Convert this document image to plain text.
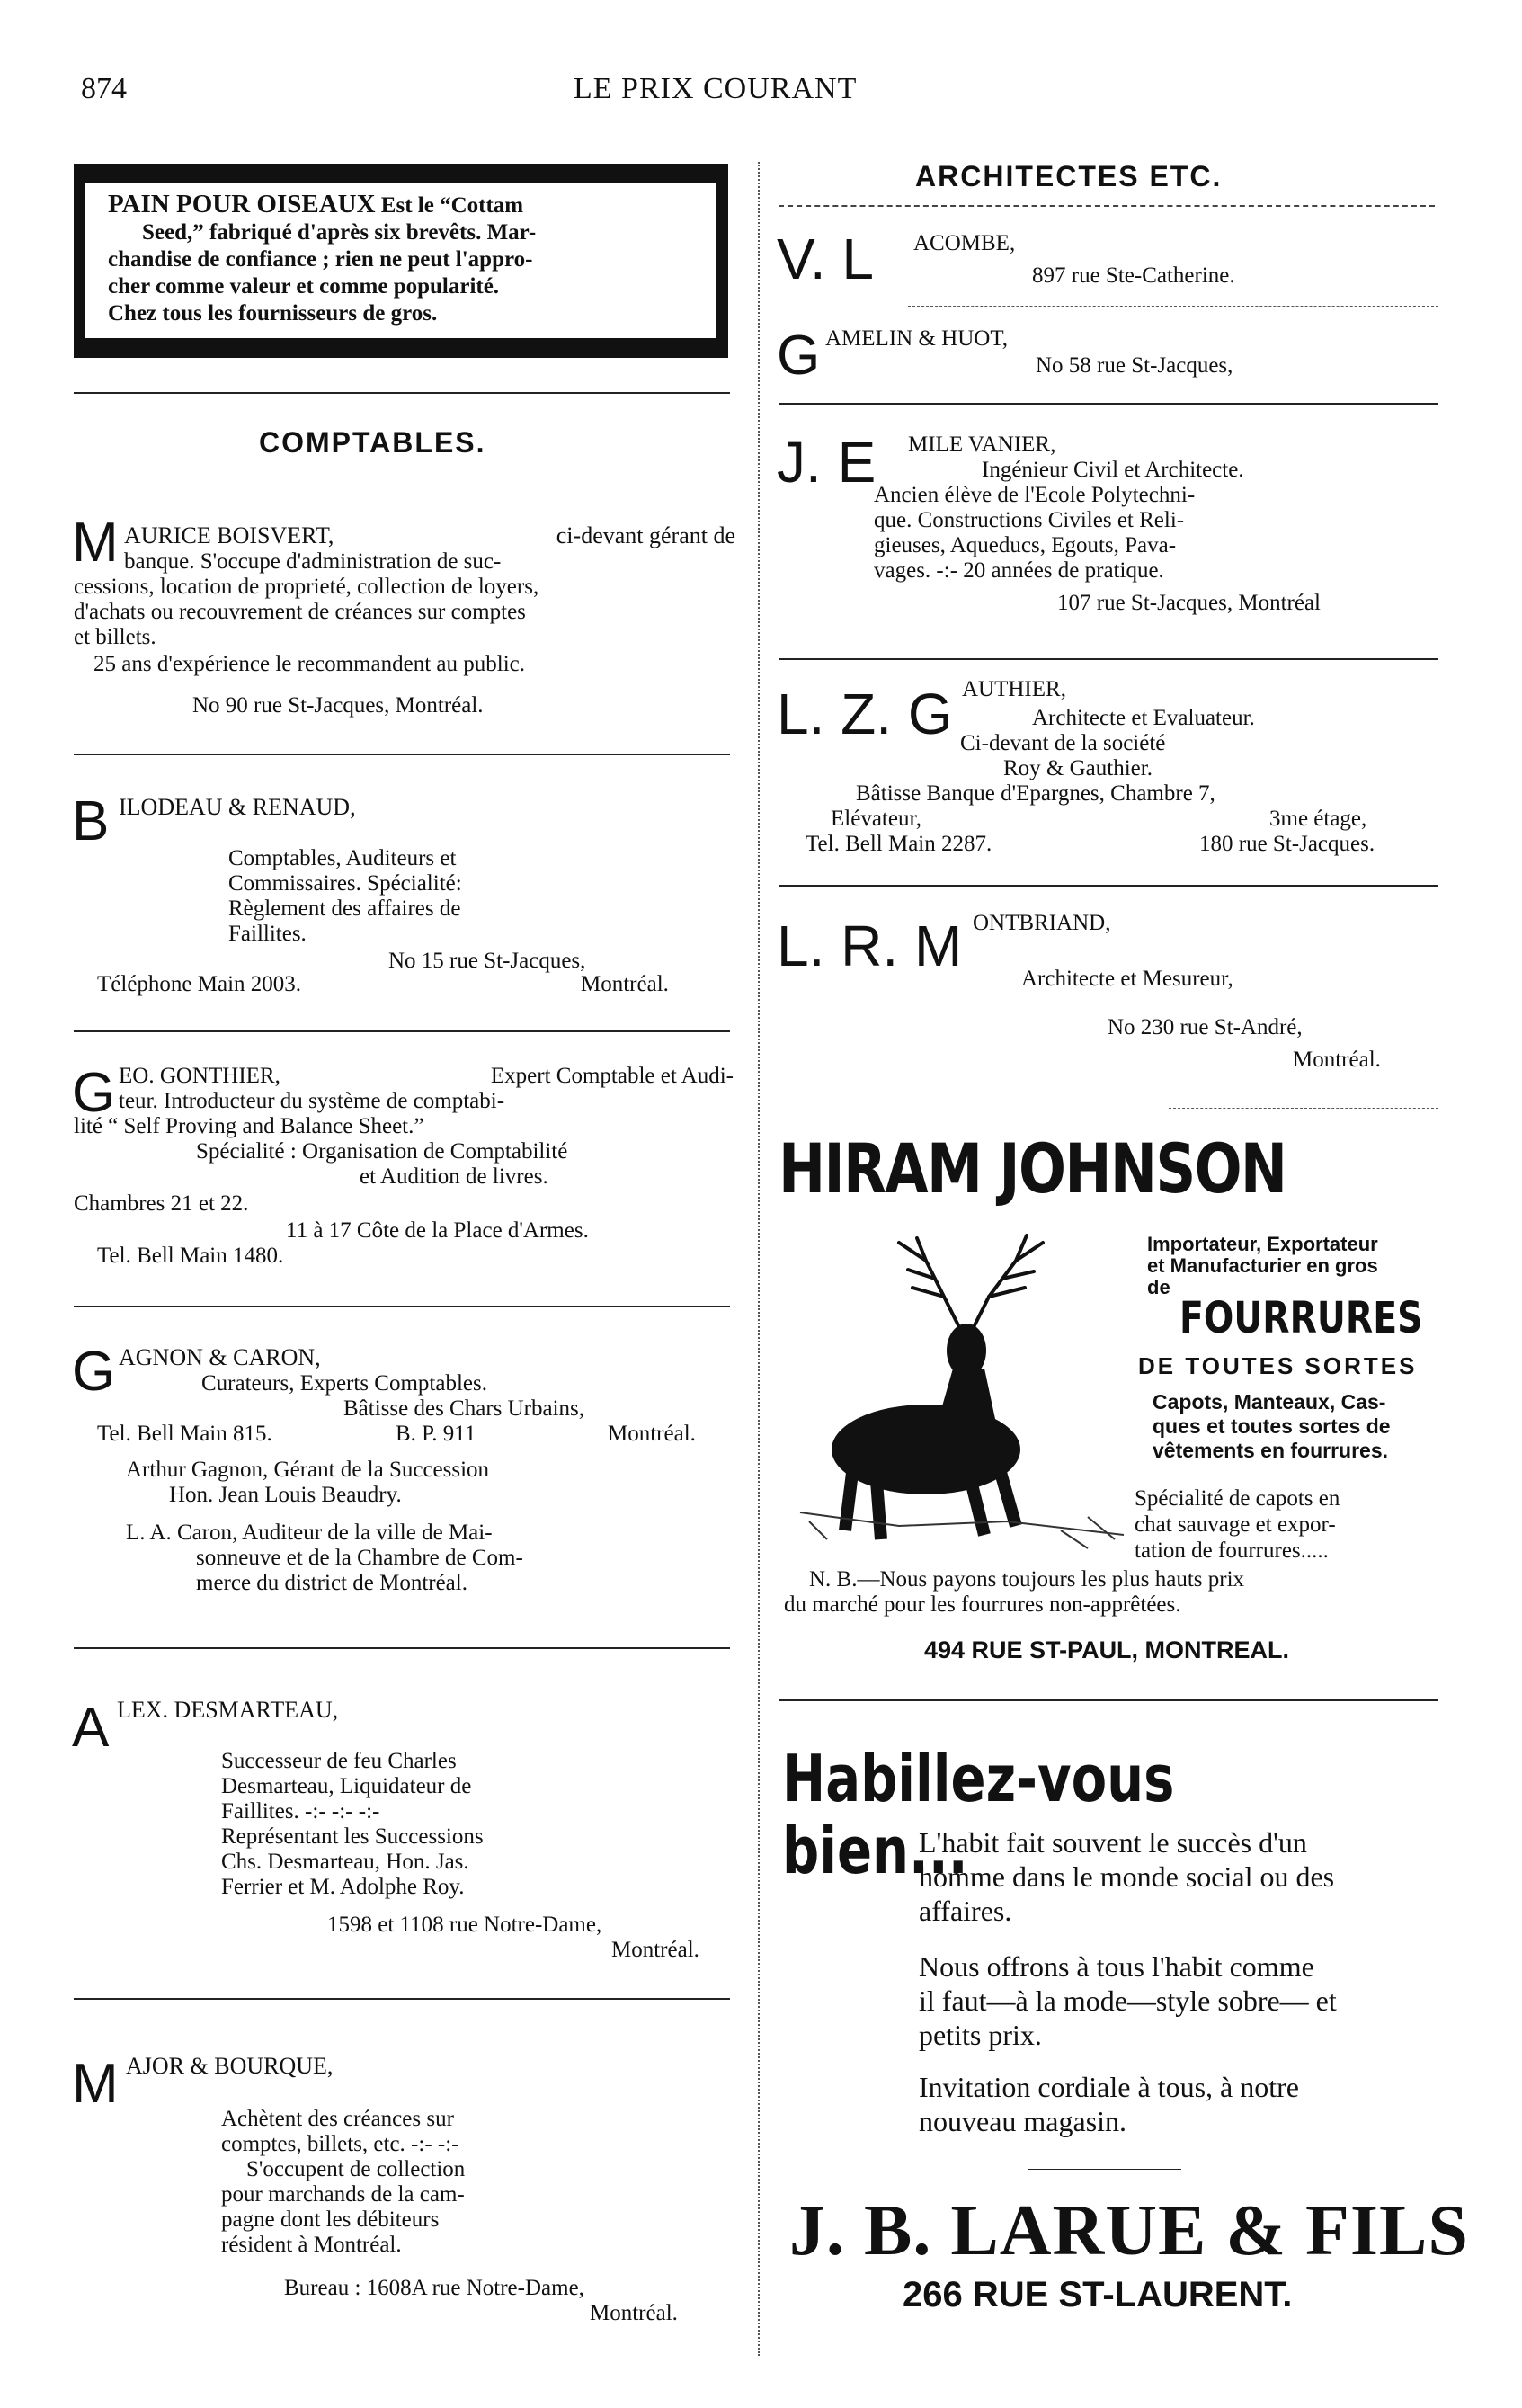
874	LE PRIX COURANT
PAIN POUR OISEAUX Est le “Cottam
Seed,” fabriqué d'après six brevêts. Mar-
chandise de confiance ; rien ne peut l'appro-
cher comme valeur et comme popularité.
Chez tous les fournisseurs de gros.
COMPTABLES.
M AURICE BOISVERT,	ci-devant gérant de
banque. S'occupe d'administration de suc-
cessions, location de proprieté, collection de loyers,
d'achats ou recouvrement de créances sur comptes
et billets.
25 ans d'expérience le recommandent au public.
No 90 rue St-Jacques, Montréal.
B ILODEAU & RENAUD,
Comptables, Auditeurs et
Commissaires. Spécialité:
Règlement des affaires de
Faillites.
No 15 rue St-Jacques,
Téléphone Main 2003.	Montréal.
G EO. GONTHIER,	Expert Comptable et Audi-
teur. Introducteur du système de comptabi-
lité “ Self Proving and Balance Sheet.”
Spécialité : Organisation de Comptabilité
et Audition de livres.
Chambres 21 et 22.
11 à 17 Côte de la Place d'Armes.
Tel. Bell Main 1480.
G AGNON & CARON,
Curateurs, Experts Comptables.
Bâtisse des Chars Urbains,
Tel. Bell Main 815.	B. P. 911	Montréal.
Arthur Gagnon, Gérant de la Succession
Hon. Jean Louis Beaudry.
L. A. Caron, Auditeur de la ville de Mai-
sonneuve et de la Chambre de Com-
merce du district de Montréal.
A LEX. DESMARTEAU,
Successeur de feu Charles
Desmarteau, Liquidateur de
Faillites. -:- -:- -:-
Représentant les Successions
Chs. Desmarteau, Hon. Jas.
Ferrier et M. Adolphe Roy.
1598 et 1108 rue Notre-Dame,
Montréal.
M AJOR & BOURQUE,
Achètent des créances sur
comptes, billets, etc. -:- -:-
S'occupent de collection
pour marchands de la cam-
pagne dont les débiteurs
résident à Montréal.
Bureau : 1608A rue Notre-Dame,
Montréal.
ARCHITECTES ETC.
V. L ACOMBE,
897 rue Ste-Catherine.
G AMELIN & HUOT,
No 58 rue St-Jacques,
J. E MILE VANIER,
Ingénieur Civil et Architecte.
Ancien élève de l'Ecole Polytechni-
que. Constructions Civiles et Reli-
gieuses, Aqueducs, Egouts, Pava-
vages. -:- 20 années de pratique.
107 rue St-Jacques, Montréal
L. Z. G AUTHIER,
Architecte et Evaluateur.
Ci-devant de la société
Roy & Gauthier.
Bâtisse Banque d'Epargnes, Chambre 7,
Elévateur,	3me étage,
Tel. Bell Main 2287.	180 rue St-Jacques.
L. R. M ONTBRIAND,
Architecte et Mesureur,
No 230 rue St-André,
Montréal.
HIRAM JOHNSON
Importateur, Exportateur
et Manufacturier en gros
de
FOURRURES
DE TOUTES SORTES
Capots, Manteaux, Cas-
ques et toutes sortes de
vêtements en fourrures.
Spécialité de capots en
chat sauvage et expor-
tation de fourrures.....
N. B.—Nous payons toujours les plus hauts prix
du marché pour les fourrures non-apprêtées.
494 RUE ST-PAUL, MONTREAL.
Habillez-vous bien...
L'habit fait souvent le succès d'un
homme dans le monde social ou des
affaires.
Nous offrons à tous l'habit comme
il faut—à la mode—style sobre— et
petits prix.
Invitation cordiale à tous, à notre
nouveau magasin.
J. B. LARUE & FILS
266 RUE ST-LAURENT.
